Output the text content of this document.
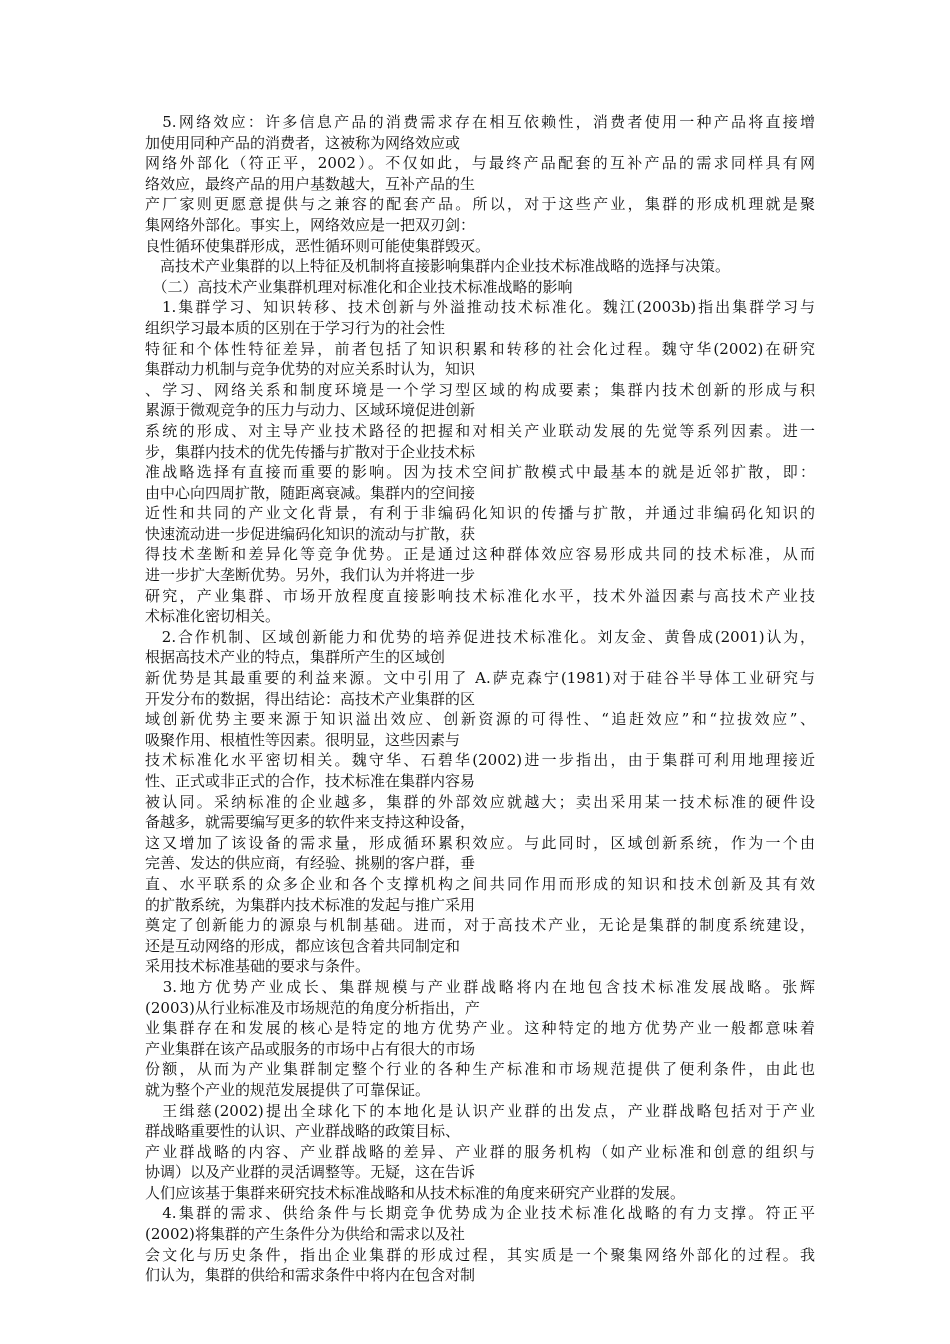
　5.网络效应：许多信息产品的消费需求存在相互依赖性，消费者使用一种产品将直接增
加使用同种产品的消费者，这被称为网络效应或
网络外部化（符正平，2002）。不仅如此，与最终产品配套的互补产品的需求同样具有网
络效应，最终产品的用户基数越大，互补产品的生
产厂家则更愿意提供与之兼容的配套产品。所以，对于这些产业，集群的形成机理就是聚
集网络外部化。事实上，网络效应是一把双刃剑：
良性循环使集群形成，恶性循环则可能使集群毁灭。
　高技术产业集群的以上特征及机制将直接影响集群内企业技术标准战略的选择与决策。
　（二）高技术产业集群机理对标准化和企业技术标准战略的影响
　1.集群学习、知识转移、技术创新与外溢推动技术标准化。魏江(2003b)指出集群学习与
组织学习最本质的区别在于学习行为的社会性
特征和个体性特征差异，前者包括了知识积累和转移的社会化过程。魏守华(2002)在研究
集群动力机制与竞争优势的对应关系时认为，知识
、学习、网络关系和制度环境是一个学习型区域的构成要素；集群内技术创新的形成与积
累源于微观竞争的压力与动力、区域环境促进创新
系统的形成、对主导产业技术路径的把握和对相关产业联动发展的先觉等系列因素。进一
步，集群内技术的优先传播与扩散对于企业技术标
准战略选择有直接而重要的影响。因为技术空间扩散模式中最基本的就是近邻扩散，即：
由中心向四周扩散，随距离衰减。集群内的空间接
近性和共同的产业文化背景，有利于非编码化知识的传播与扩散，并通过非编码化知识的
快速流动进一步促进编码化知识的流动与扩散，获
得技术垄断和差异化等竞争优势。正是通过这种群体效应容易形成共同的技术标准，从而
进一步扩大垄断优势。另外，我们认为并将进一步
研究，产业集群、市场开放程度直接影响技术标准化水平，技术外溢因素与高技术产业技
术标准化密切相关。
　2.合作机制、区域创新能力和优势的培养促进技术标准化。刘友金、黄鲁成(2001)认为，
根据高技术产业的特点，集群所产生的区域创
新优势是其最重要的利益来源。文中引用了 A.萨克森宁(1981)对于硅谷半导体工业研究与
开发分布的数据，得出结论：高技术产业集群的区
域创新优势主要来源于知识溢出效应、创新资源的可得性、“追赶效应”和“拉拔效应”、
吸聚作用、根植性等因素。很明显，这些因素与
技术标准化水平密切相关。魏守华、石碧华(2002)进一步指出，由于集群可利用地理接近
性、正式或非正式的合作，技术标准在集群内容易
被认同。采纳标准的企业越多，集群的外部效应就越大；卖出采用某一技术标准的硬件设
备越多，就需要编写更多的软件来支持这种设备，
这又增加了该设备的需求量，形成循环累积效应。与此同时，区域创新系统，作为一个由
完善、发达的供应商，有经验、挑剔的客户群，垂
直、水平联系的众多企业和各个支撑机构之间共同作用而形成的知识和技术创新及其有效
的扩散系统，为集群内技术标准的发起与推广采用
奠定了创新能力的源泉与机制基础。进而，对于高技术产业，无论是集群的制度系统建设，
还是互动网络的形成，都应该包含着共同制定和
采用技术标准基础的要求与条件。
　3.地方优势产业成长、集群规模与产业群战略将内在地包含技术标准发展战略。张辉
(2003)从行业标准及市场规范的角度分析指出，产
业集群存在和发展的核心是特定的地方优势产业。这种特定的地方优势产业一般都意味着
产业集群在该产品或服务的市场中占有很大的市场
份额，从而为产业集群制定整个行业的各种生产标准和市场规范提供了便利条件，由此也
就为整个产业的规范发展提供了可靠保证。
　王缉慈(2002)提出全球化下的本地化是认识产业群的出发点，产业群战略包括对于产业
群战略重要性的认识、产业群战略的政策目标、
产业群战略的内容、产业群战略的差异、产业群的服务机构（如产业标准和创意的组织与
协调）以及产业群的灵活调整等。无疑，这在告诉
人们应该基于集群来研究技术标准战略和从技术标准的角度来研究产业群的发展。
　4.集群的需求、供给条件与长期竞争优势成为企业技术标准化战略的有力支撑。符正平
(2002)将集群的产生条件分为供给和需求以及社
会文化与历史条件，指出企业集群的形成过程，其实质是一个聚集网络外部化的过程。我
们认为，集群的供给和需求条件中将内在包含对制
